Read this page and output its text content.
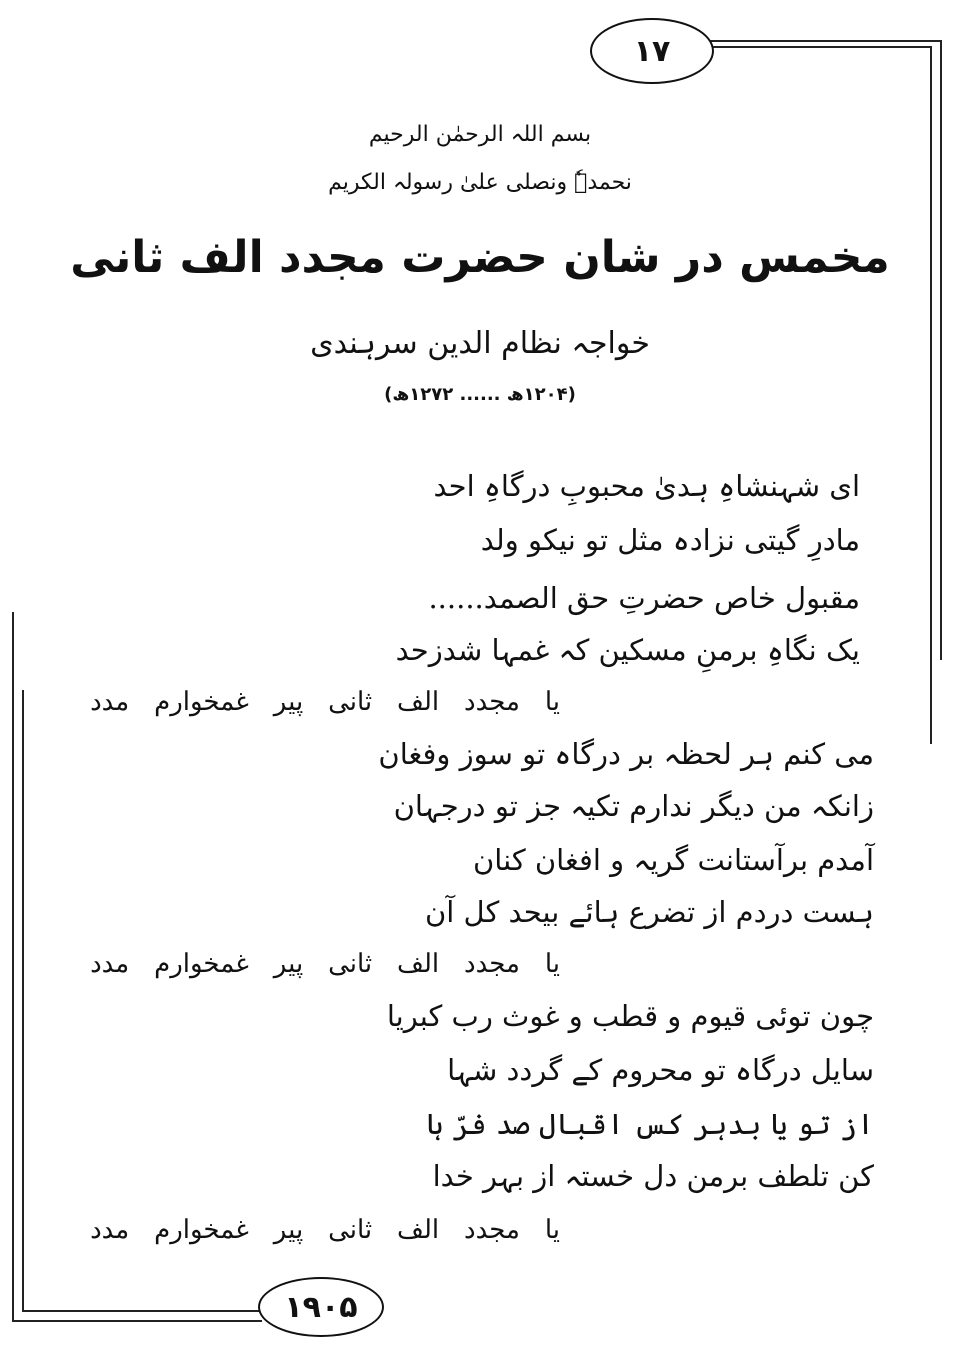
۱۷
۱۹۰۵
بسم اللہ الرحمٰن الرحیم
نحمدہٗ ونصلی علیٰ رسولہ الکریم
مخمس در شان حضرت مجدد الف ثانی
خواجہ نظام الدین سرہندی
(۱۲۰۴ھ ...... ۱۲۷۲ھ)
ای شہنشاہِ ہدیٰ محبوبِ درگاہِ احد
مادرِ گیتی نزادہ مثل تو نیکو ولد
مقبول خاص حضرتِ حق الصمد......
یک نگاہِ برمنِ مسکین کہ غمہا شدزحد
یا
مجدد
الف
ثانی
پیر
غمخوارم
مدد
می کنم ہر لحظہ بر درگاہ تو سوز وفغان
زانکہ من دیگر ندارم تکیہ جز تو درجہان
آمدم برآستانت گریہ و افغان کنان
ہست دردم از تضرع ہائے بیحد کل آن
یا
مجدد
الف
ثانی
پیر
غمخوارم
مدد
چون توئی قیوم و قطب و غوث رب کبریا
سایل درگاہ تو محروم کے گردد شہا
از تو یا بدہر کس اقبال صد فرّ ہا
کن تلطف برمن دل خستہ از بہر خدا
یا
مجدد
الف
ثانی
پیر
غمخوارم
مدد
